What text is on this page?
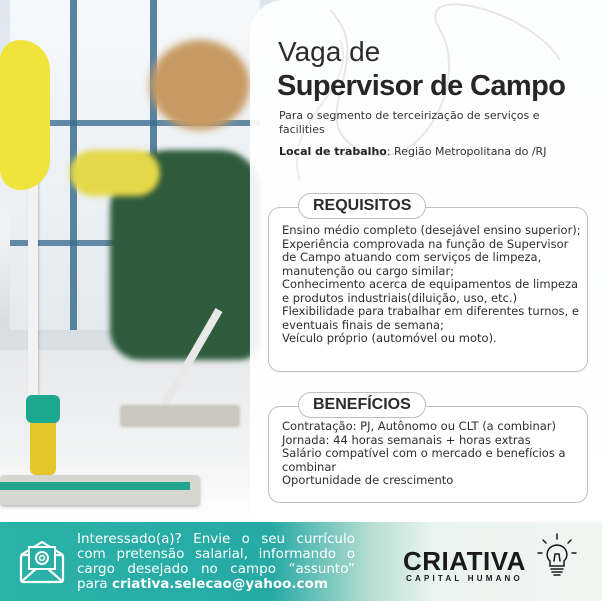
Vaga de
Supervisor de Campo
Para o segmento de terceirização de serviços e facilities
Local de trabalho: Região Metropolitana do /RJ
REQUISITOS

Ensino médio completo (desejável ensino superior);

Experiência comprovada na função de Supervisor de Campo atuando com serviços de limpeza, manutenção ou cargo similar;

Conhecimento acerca de equipamentos de limpeza e produtos industriais(diluição, uso, etc.)

Flexibilidade para trabalhar em diferentes turnos, e eventuais finais de semana;

Veículo próprio (automóvel ou moto).

BENEFÍCIOS

Contratação: PJ, Autônomo ou CLT (a combinar)

Jornada: 44 horas semanais + horas extras

Salário compatível com o mercado e benefícios a combinar

Oportunidade de crescimento

Interessado(a)? Envie o seu currículo com pretensão salarial, informando o cargo desejado no campo “assunto” para criativa.selecao@yahoo.com
CRIATIVA
CAPITAL HUMANO
